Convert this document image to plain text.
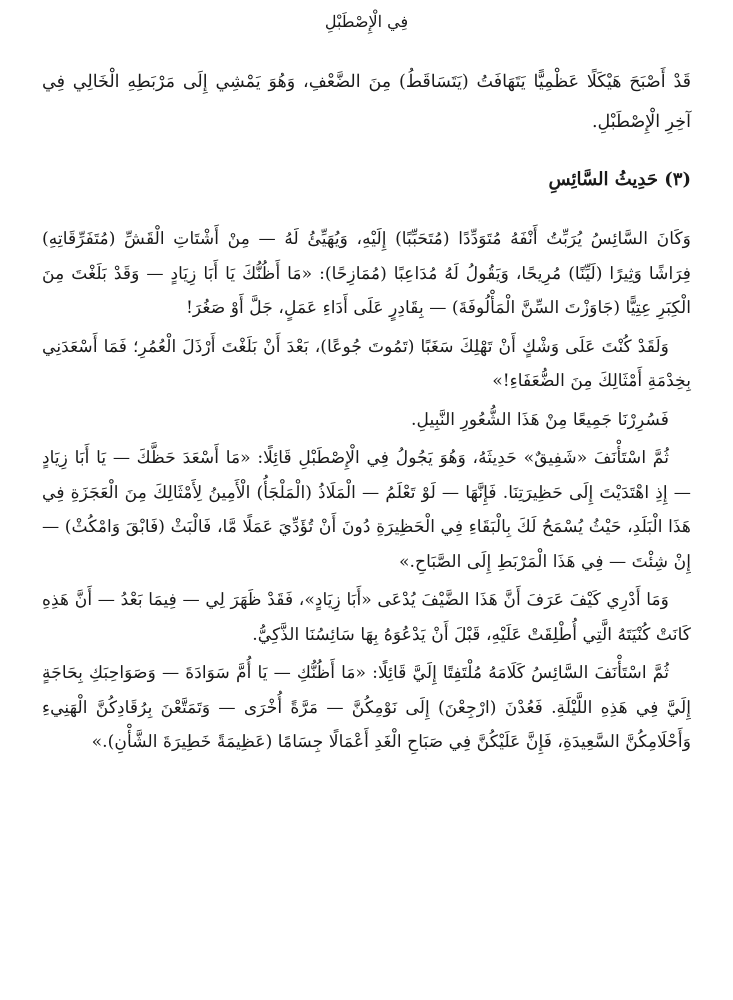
فِي الْإِصْطَبْلِ
قَدْ أَصْبَحَ هَيْكَلًا عَظْمِيًّا يَتَهَافَتُ (يَتَسَاقَطُ) مِنَ الضَّعْفِ، وَهُوَ يَمْشِي إِلَى مَرْبَطِهِ الْخَالِي فِي آخِرِ الْإِصْطَبْلِ.
(٣) حَدِيثُ السَّائِسِ

وَكَانَ السَّائِسُ يُرَبِّتُ أَنْفَهُ مُتَوَدِّدًا (مُتَحَبِّبًا) إِلَيْهِ، وَيُهَيِّئُ لَهُ — مِنْ أَشْتَاتِ الْقَشِّ (مُتَفَرِّقَاتِهِ) فِرَاشًا وَثِيرًا (لَيِّنًا) مُرِيحًا، وَيَقُولُ لَهُ مُدَاعِبًا (مُمَازِحًا): «مَا أَظُنُّكَ يَا أَبَا زِيَادٍ — وَقَدْ بَلَغْتَ مِنَ الْكِبَرِ عِتِيًّا (جَاوَزْتَ السِّنَّ الْمَأْلُوفَةَ) — بِقَادِرٍ عَلَى أَدَاءِ عَمَلٍ، جَلَّ أَوْ صَغُرَ!

وَلَقَدْ كُنْتَ عَلَى وَشْكٍ أَنْ تَهْلِكَ سَغَبًا (تَمُوتَ جُوعًا)، بَعْدَ أَنْ بَلَغْتَ أَرْذَلَ الْعُمُرِ؛ فَمَا أَسْعَدَنِي بِخِدْمَةِ أَمْثَالِكَ مِنَ الضُّعَفَاءِ!»

فَسُرِرْنَا جَمِيعًا مِنْ هَذَا الشُّعُورِ النَّبِيلِ.

ثُمَّ اسْتَأْنَفَ «شَفِيقٌ» حَدِيثَهُ، وَهُوَ يَجُولُ فِي الْإِصْطَبْلِ قَائِلًا: «مَا أَسْعَدَ حَظَّكَ — يَا أَبَا زِيَادٍ — إِذِ اهْتَدَيْتَ إِلَى حَظِيرَتِنَا. فَإِنَّهَا — لَوْ تَعْلَمُ — الْمَلَاذُ (الْمَلْجَأُ) الْأَمِينُ لِأَمْثَالِكَ مِنَ الْعَجَزَةِ فِي هَذَا الْبَلَدِ، حَيْثُ يُسْمَحُ لَكَ بِالْبَقَاءِ فِي الْحَظِيرَةِ دُونَ أَنْ تُؤَدِّيَ عَمَلًا مَّا، فَالْبَثْ (فَابْقَ وَامْكُثْ) — إِنْ شِئْتَ — فِي هَذَا الْمَرْبَطِ إِلَى الصَّبَاحِ.»

وَمَا أَدْرِي كَيْفَ عَرَفَ أَنَّ هَذَا الضَّيْفَ يُدْعَى «أَبَا زِيَادٍ»، فَقَدْ ظَهَرَ لِي — فِيمَا بَعْدُ — أَنَّ هَذِهِ كَانَتْ كُنْيَتَهُ الَّتِي أُطْلِقَتْ عَلَيْهِ، قَبْلَ أَنْ يَدْعُوَهُ بِهَا سَائِسُنَا الذَّكِيُّ.

ثُمَّ اسْتَأْنَفَ السَّائِسُ كَلَامَهُ مُلْتَفِتًا إِلَيَّ قَائِلًا: «مَا أَظُنُّكِ — يَا أُمَّ سَوَادَةَ — وَصَوَاحِبَكِ بِحَاجَةٍ إِلَيَّ فِي هَذِهِ اللَّيْلَةِ. فَعُدْنَ (ارْجِعْنَ) إِلَى نَوْمِكُنَّ — مَرَّةً أُخْرَى — وَتَمَتَّعْنَ بِرُقَادِكُنَّ الْهَنِيءِ وَأَحْلَامِكُنَّ السَّعِيدَةِ، فَإِنَّ عَلَيْكُنَّ فِي صَبَاحِ الْغَدِ أَعْمَالًا جِسَامًا (عَظِيمَةً خَطِيرَةَ الشَّأْنِ).»
